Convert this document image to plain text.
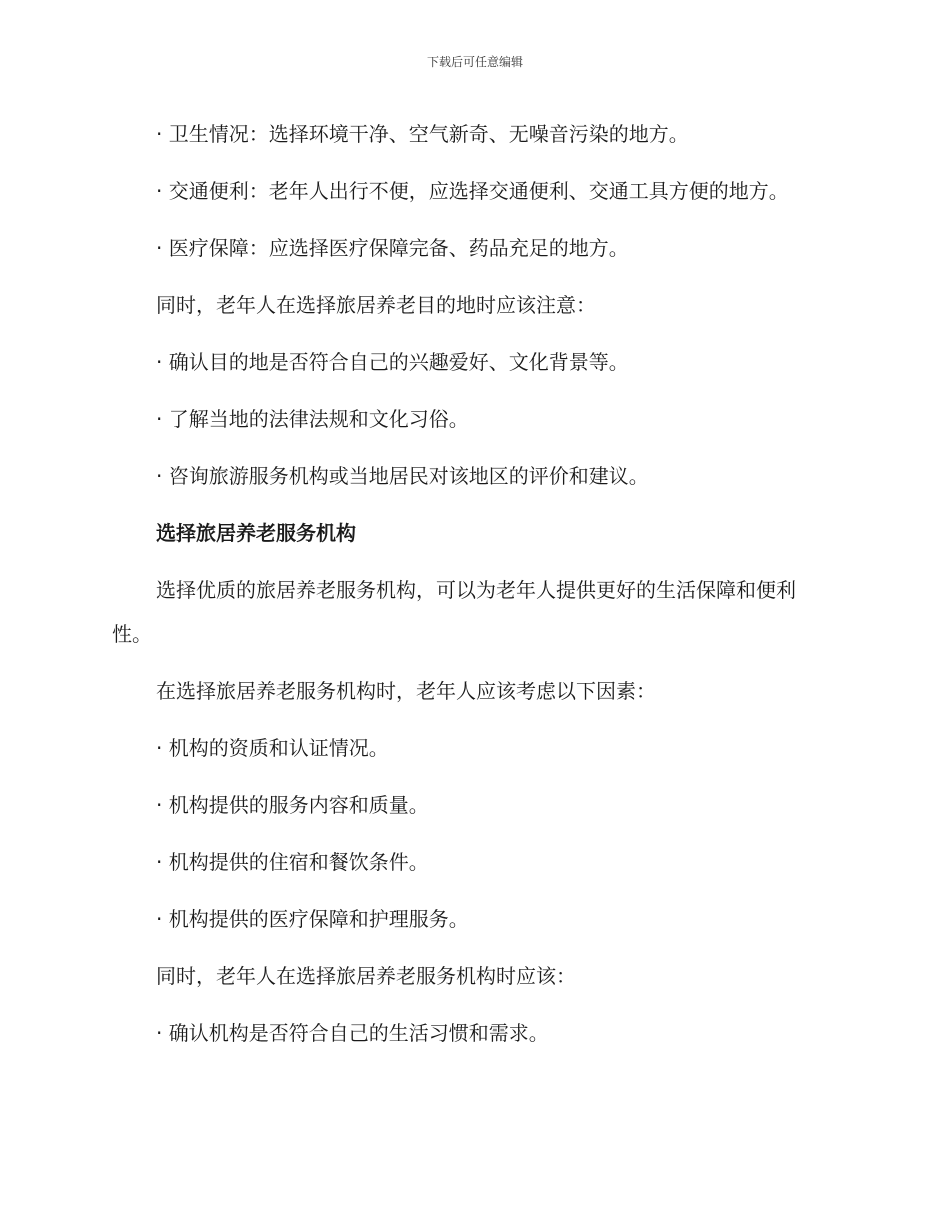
下载后可任意编辑

· 卫生情况：选择环境干净、空气新奇、无噪音污染的地方。

· 交通便利：老年人出行不便，应选择交通便利、交通工具方便的地方。

· 医疗保障：应选择医疗保障完备、药品充足的地方。

同时，老年人在选择旅居养老目的地时应该注意：

· 确认目的地是否符合自己的兴趣爱好、文化背景等。

· 了解当地的法律法规和文化习俗。

· 咨询旅游服务机构或当地居民对该地区的评价和建议。

选择旅居养老服务机构

选择优质的旅居养老服务机构，可以为老年人提供更好的生活保障和便利性。

在选择旅居养老服务机构时，老年人应该考虑以下因素：

· 机构的资质和认证情况。

· 机构提供的服务内容和质量。

· 机构提供的住宿和餐饮条件。

· 机构提供的医疗保障和护理服务。

同时，老年人在选择旅居养老服务机构时应该：

· 确认机构是否符合自己的生活习惯和需求。
